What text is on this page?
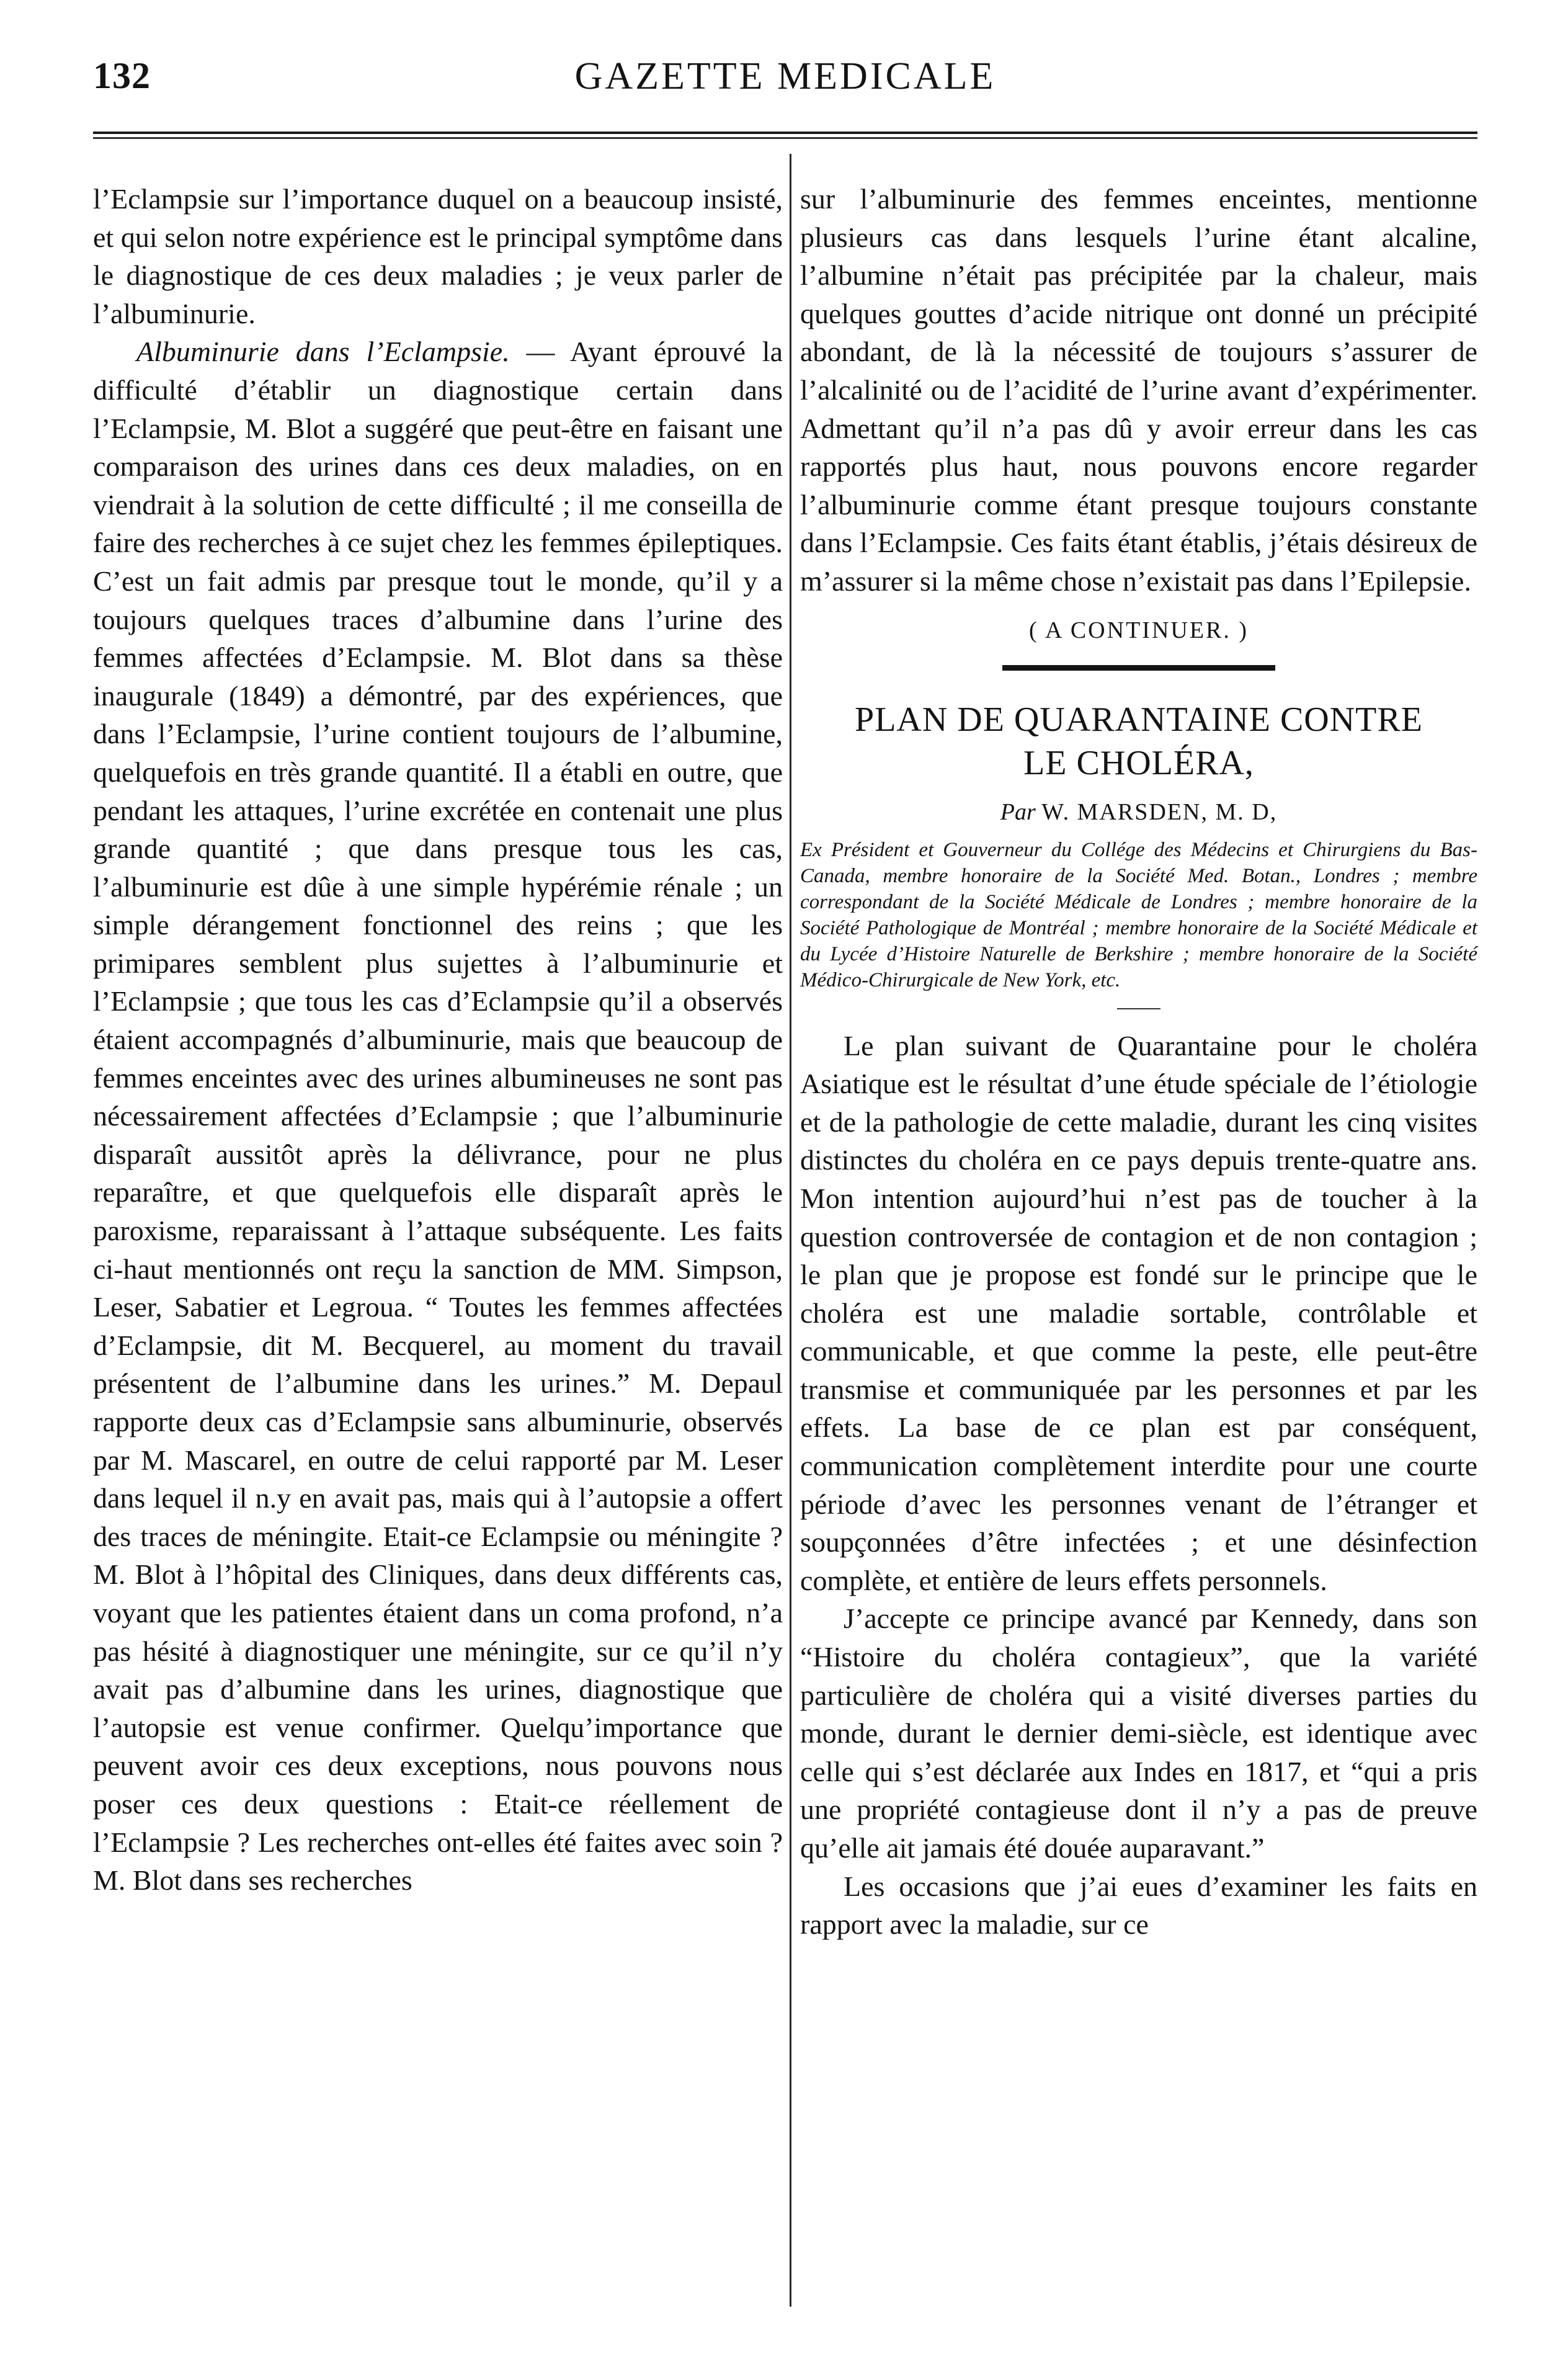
132	GAZETTE MEDICALE

l’Eclampsie sur l’importance duquel on a beaucoup insisté, et qui selon notre expérience est le principal symptôme dans le diagnostique de ces deux maladies ; je veux parler de l’albuminurie.

Albuminurie dans l’Eclampsie. — Ayant éprouvé la difficulté d’établir un diagnostique certain dans l’Eclampsie, M. Blot a suggéré que peut-être en faisant une comparaison des urines dans ces deux maladies, on en viendrait à la solution de cette difficulté ; il me conseilla de faire des recherches à ce sujet chez les femmes épileptiques. C’est un fait admis par presque tout le monde, qu’il y a toujours quelques traces d’albumine dans l’urine des femmes affectées d’Eclampsie. M. Blot dans sa thèse inaugurale (1849) a démontré, par des expériences, que dans l’Eclampsie, l’urine contient toujours de l’albumine, quelquefois en très grande quantité. Il a établi en outre, que pendant les attaques, l’urine excrétée en contenait une plus grande quantité ; que dans presque tous les cas, l’albuminurie est dûe à une simple hypérémie rénale ; un simple dérangement fonctionnel des reins ; que les primipares semblent plus sujettes à l’albuminurie et l’Eclampsie ; que tous les cas d’Eclampsie qu’il a observés étaient accompagnés d’albuminurie, mais que beaucoup de femmes enceintes avec des urines albumineuses ne sont pas nécessairement affectées d’Eclampsie ; que l’albuminurie disparaît aussitôt après la délivrance, pour ne plus reparaître, et que quelquefois elle disparaît après le paroxisme, reparaissant à l’attaque subséquente. Les faits ci-haut mentionnés ont reçu la sanction de MM. Simpson, Leser, Sabatier et Legroua. “ Toutes les femmes affectées d’Eclampsie, dit M. Becquerel, au moment du travail présentent de l’albumine dans les urines.” M. Depaul rapporte deux cas d’Eclampsie sans albuminurie, observés par M. Mascarel, en outre de celui rapporté par M. Leser dans lequel il n.y en avait pas, mais qui à l’autopsie a offert des traces de méningite. Etait-ce Eclampsie ou méningite ? M. Blot à l’hôpital des Cliniques, dans deux différents cas, voyant que les patientes étaient dans un coma profond, n’a pas hésité à diagnostiquer une méningite, sur ce qu’il n’y avait pas d’albumine dans les urines, diagnostique que l’autopsie est venue confirmer. Quelqu’importance que peuvent avoir ces deux exceptions, nous pouvons nous poser ces deux questions : Etait-ce réellement de l’Eclampsie ? Les recherches ont-elles été faites avec soin ? M. Blot dans ses recherches

sur l’albuminurie des femmes enceintes, mentionne plusieurs cas dans lesquels l’urine étant alcaline, l’albumine n’était pas précipitée par la chaleur, mais quelques gouttes d’acide nitrique ont donné un précipité abondant, de là la nécessité de toujours s’assurer de l’alcalinité ou de l’acidité de l’urine avant d’expérimenter. Admettant qu’il n’a pas dû y avoir erreur dans les cas rapportés plus haut, nous pouvons encore regarder l’albuminurie comme étant presque toujours constante dans l’Eclampsie. Ces faits étant établis, j’étais désireux de m’assurer si la même chose n’existait pas dans l’Epilepsie.

( A CONTINUER. )

PLAN DE QUARANTAINE CONTRE
LE CHOLÉRA,

Par W. MARSDEN, M. D,

Ex Président et Gouverneur du Collége des Médecins et Chirurgiens du Bas-Canada, membre honoraire de la Société Med. Botan., Londres ; membre correspondant de la Société Médicale de Londres ; membre honoraire de la Société Pathologique de Montréal ; membre honoraire de la Société Médicale et du Lycée d’Histoire Naturelle de Berkshire ; membre honoraire de la Société Médico-Chirurgicale de New York, etc.

Le plan suivant de Quarantaine pour le choléra Asiatique est le résultat d’une étude spéciale de l’étiologie et de la pathologie de cette maladie, durant les cinq visites distinctes du choléra en ce pays depuis trente-quatre ans. Mon intention aujourd’hui n’est pas de toucher à la question controversée de contagion et de non contagion ; le plan que je propose est fondé sur le principe que le choléra est une maladie sortable, contrôlable et communicable, et que comme la peste, elle peut-être transmise et communiquée par les personnes et par les effets. La base de ce plan est par conséquent, communication complètement interdite pour une courte période d’avec les personnes venant de l’étranger et soupçonnées d’être infectées ; et une désinfection complète, et entière de leurs effets personnels.

J’accepte ce principe avancé par Kennedy, dans son “Histoire du choléra contagieux”, que la variété particulière de choléra qui a visité diverses parties du monde, durant le dernier demi-siècle, est identique avec celle qui s’est déclarée aux Indes en 1817, et “qui a pris une propriété contagieuse dont il n’y a pas de preuve qu’elle ait jamais été douée auparavant.”

Les occasions que j’ai eues d’examiner les faits en rapport avec la maladie, sur ce
